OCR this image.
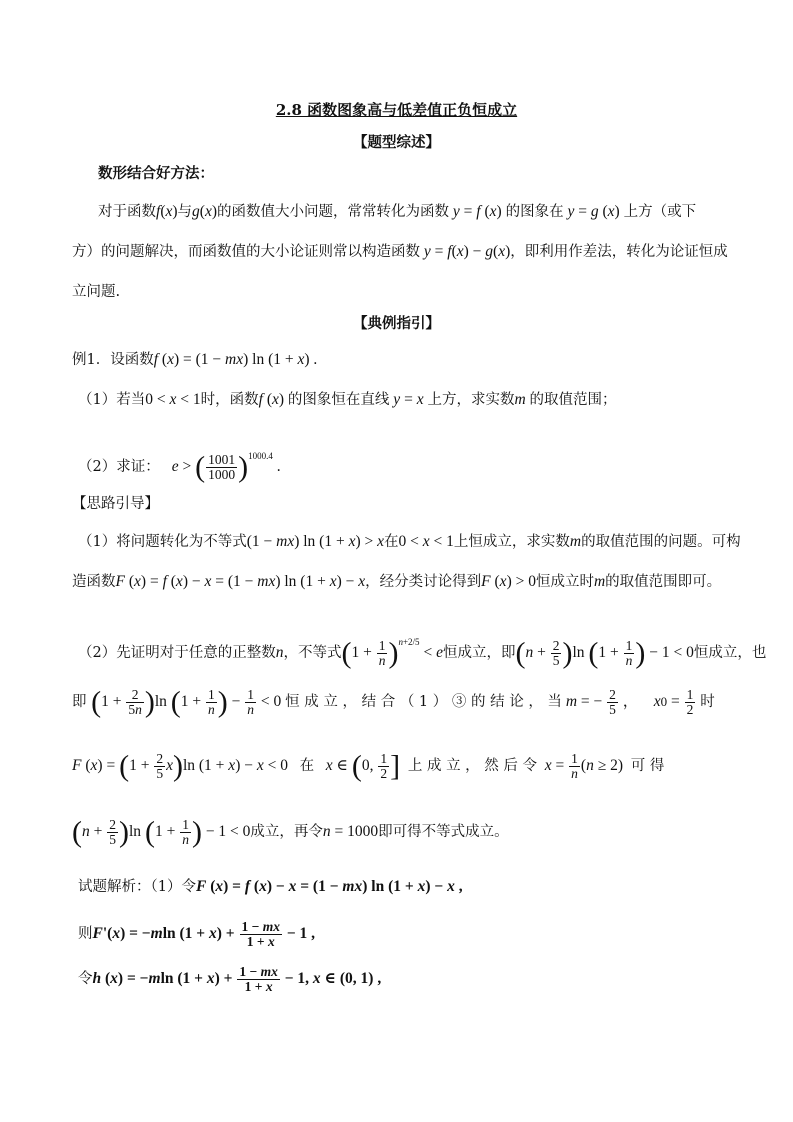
2.8 函数图象高与低差值正负恒成立
【题型综述】
数形结合好方法：
对于函数f(x)与g(x)的函数值大小问题，常常转化为函数 y = f (x) 的图象在 y = g (x) 上方（或下
方）的问题解决，而函数值的大小论证则常以构造函数 y = f(x) − g(x)，即利用作差法，转化为论证恒成
立问题.
【典例指引】
例1．设函数f (x) = (1 − mx) ln (1 + x) .
（1）若当0 < x < 1时，函数f (x) 的图象恒在直线 y = x 上方，求实数m 的取值范围；
（2）求证： e > ( $\frac{1001}{1000} )^{1000.4}$ .
【思路引导】
（1）将问题转化为不等式(1 − mx) ln (1 + x) > x在0 < x < 1上恒成立，求实数m的取值范围的问题。可构
造函数F (x) = f (x) − x = (1 − mx) ln (1 + x) − x，经分类讨论得到F (x) > 0恒成立时m的取值范围即可。
（2）先证明对于任意的正整数n，不等式$(1 + \frac{1}{n} )^{n+2/5} < e$恒成立，即$(n + \frac{2}{5} )\ln$ ($1 + \frac{1}{n}$ ) − 1 < 0恒成立，也
即 $(1 + \frac{2}{5n} )\ln$ ($1 + \frac{1}{n}$ ) − $\frac{1}{n} < 0$ 恒 成 立 ， 结 合 （ 1 ） ③ 的 结 论 ， 当 m = − $\frac{2}{5}$ ，    $x0 = \frac{1}{2}$ 时
F $(x) = (1 + \frac{2}{5} x)\ln$ (1 + x) − x < 0   在 x ∈ (0, $\frac{1}{2}$ ] 上 成 立 ， 然 后 令 $x = \frac{1}{n} (n \ge 2)$  可 得
$(n + \frac{2}{5} )\ln$ ($1 + \frac{1}{n}$ ) − 1 < 0成立，再令n = 1000即可得不等式成立。
试题解析：（1）令F (x) = f (x) − x = (1 − mx) ln (1 + x) − x ,
则F'(x) = −mln $(1 + x) + \frac{1 - mx}{1 + x} - 1$ ,
令h (x) = −mln $(1 + x) + \frac{1 - mx}{1 + x} - 1$, x ∈ (0, 1) ,
